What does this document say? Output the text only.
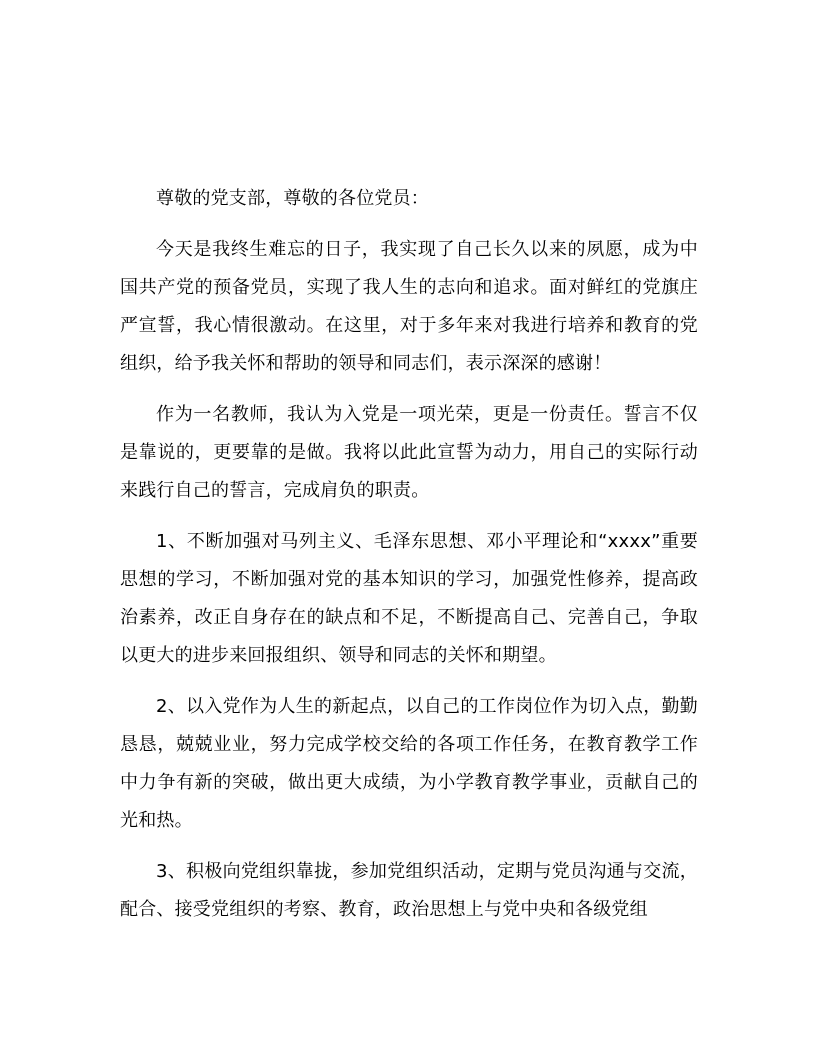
尊敬的党支部，尊敬的各位党员：

今天是我终生难忘的日子，我实现了自己长久以来的夙愿，成为中国共产党的预备党员，实现了我人生的志向和追求。面对鲜红的党旗庄严宣誓，我心情很激动。在这里，对于多年来对我进行培养和教育的党组织，给予我关怀和帮助的领导和同志们，表示深深的感谢！

作为一名教师，我认为入党是一项光荣，更是一份责任。誓言不仅是靠说的，更要靠的是做。我将以此此宣誓为动力，用自己的实际行动来践行自己的誓言，完成肩负的职责。

1、不断加强对马列主义、毛泽东思想、邓小平理论和“xxxx”重要思想的学习，不断加强对党的基本知识的学习，加强党性修养，提高政治素养，改正自身存在的缺点和不足，不断提高自己、完善自己，争取以更大的进步来回报组织、领导和同志的关怀和期望。

2、以入党作为人生的新起点，以自己的工作岗位作为切入点，勤勤恳恳，兢兢业业，努力完成学校交给的各项工作任务，在教育教学工作中力争有新的突破，做出更大成绩，为小学教育教学事业，贡献自己的光和热。

3、积极向党组织靠拢，参加党组织活动，定期与党员沟通与交流，配合、接受党组织的考察、教育，政治思想上与党中央和各级党组
